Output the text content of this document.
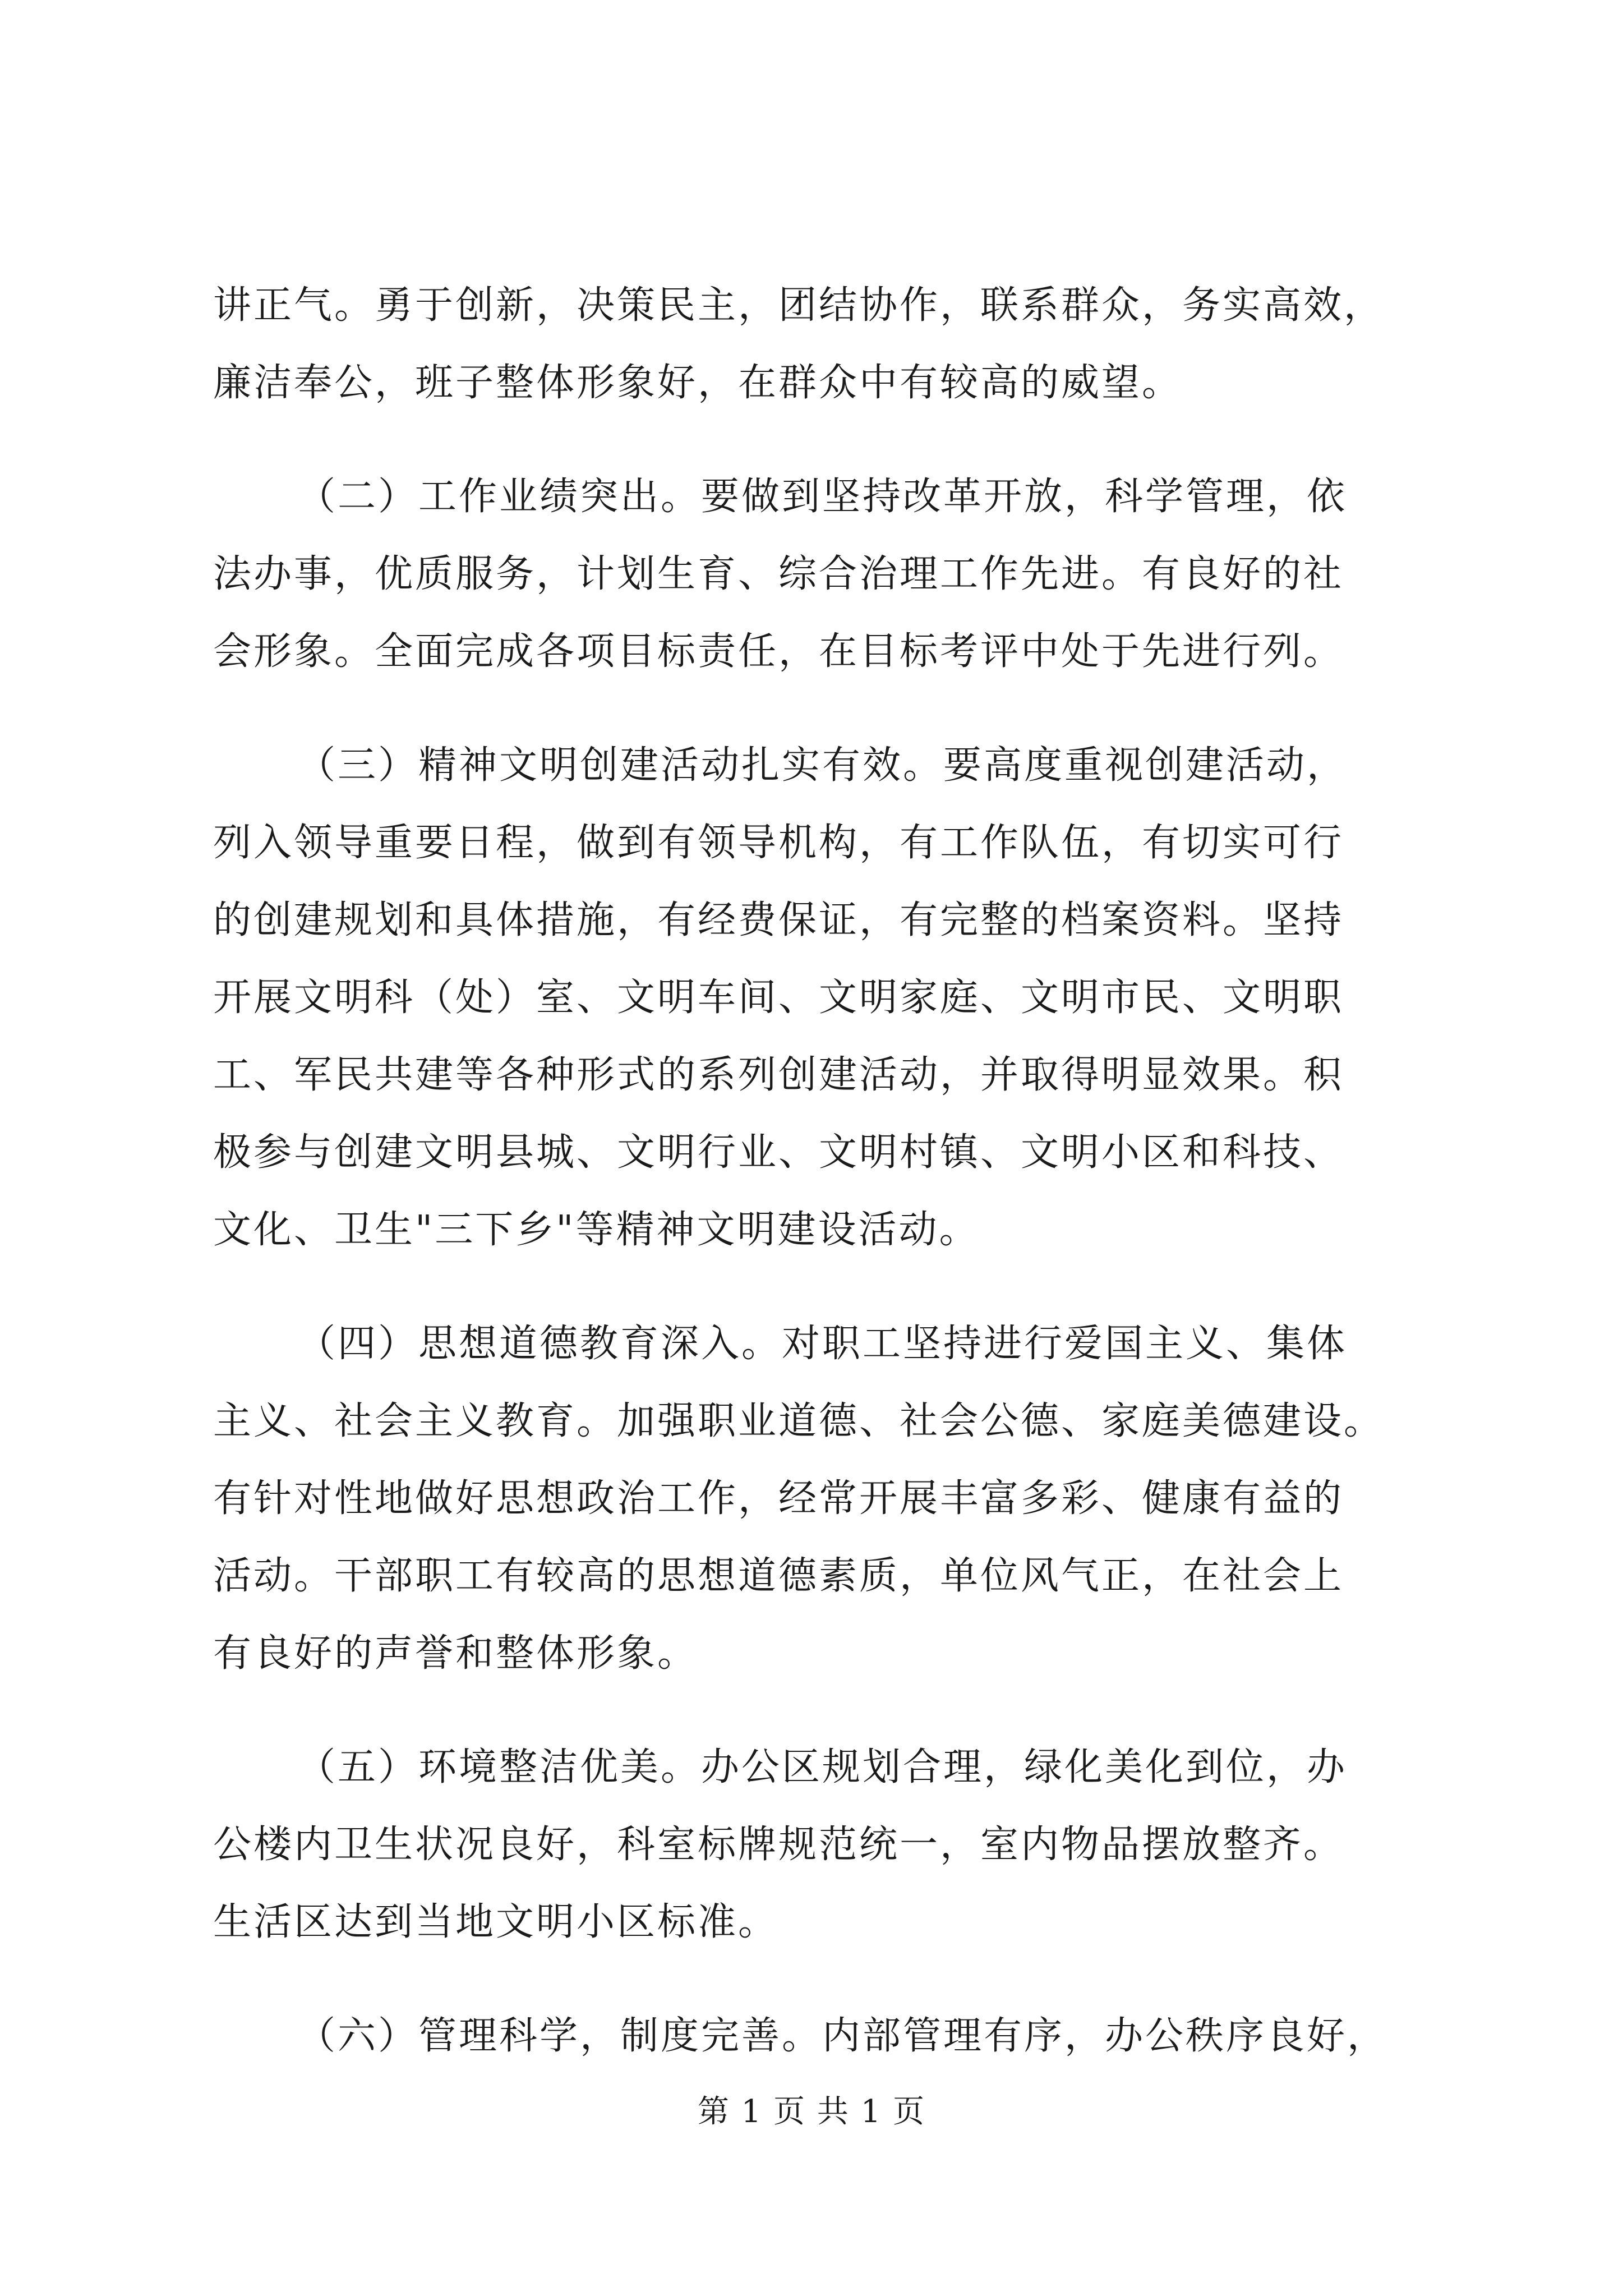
讲正气。勇于创新，决策民主，团结协作，联系群众，务实高效，
廉洁奉公，班子整体形象好，在群众中有较高的威望。
（二）工作业绩突出。要做到坚持改革开放，科学管理，依
法办事，优质服务，计划生育、综合治理工作先进。有良好的社
会形象。全面完成各项目标责任，在目标考评中处于先进行列。
（三）精神文明创建活动扎实有效。要高度重视创建活动，
列入领导重要日程，做到有领导机构，有工作队伍，有切实可行
的创建规划和具体措施，有经费保证，有完整的档案资料。坚持
开展文明科（处）室、文明车间、文明家庭、文明市民、文明职
工、军民共建等各种形式的系列创建活动，并取得明显效果。积
极参与创建文明县城、文明行业、文明村镇、文明小区和科技、
文化、卫生"三下乡"等精神文明建设活动。
（四）思想道德教育深入。对职工坚持进行爱国主义、集体
主义、社会主义教育。加强职业道德、社会公德、家庭美德建设。
有针对性地做好思想政治工作，经常开展丰富多彩、健康有益的
活动。干部职工有较高的思想道德素质，单位风气正，在社会上
有良好的声誉和整体形象。
（五）环境整洁优美。办公区规划合理，绿化美化到位，办
公楼内卫生状况良好，科室标牌规范统一，室内物品摆放整齐。
生活区达到当地文明小区标准。
（六）管理科学，制度完善。内部管理有序，办公秩序良好，
第 1 页 共 1 页
